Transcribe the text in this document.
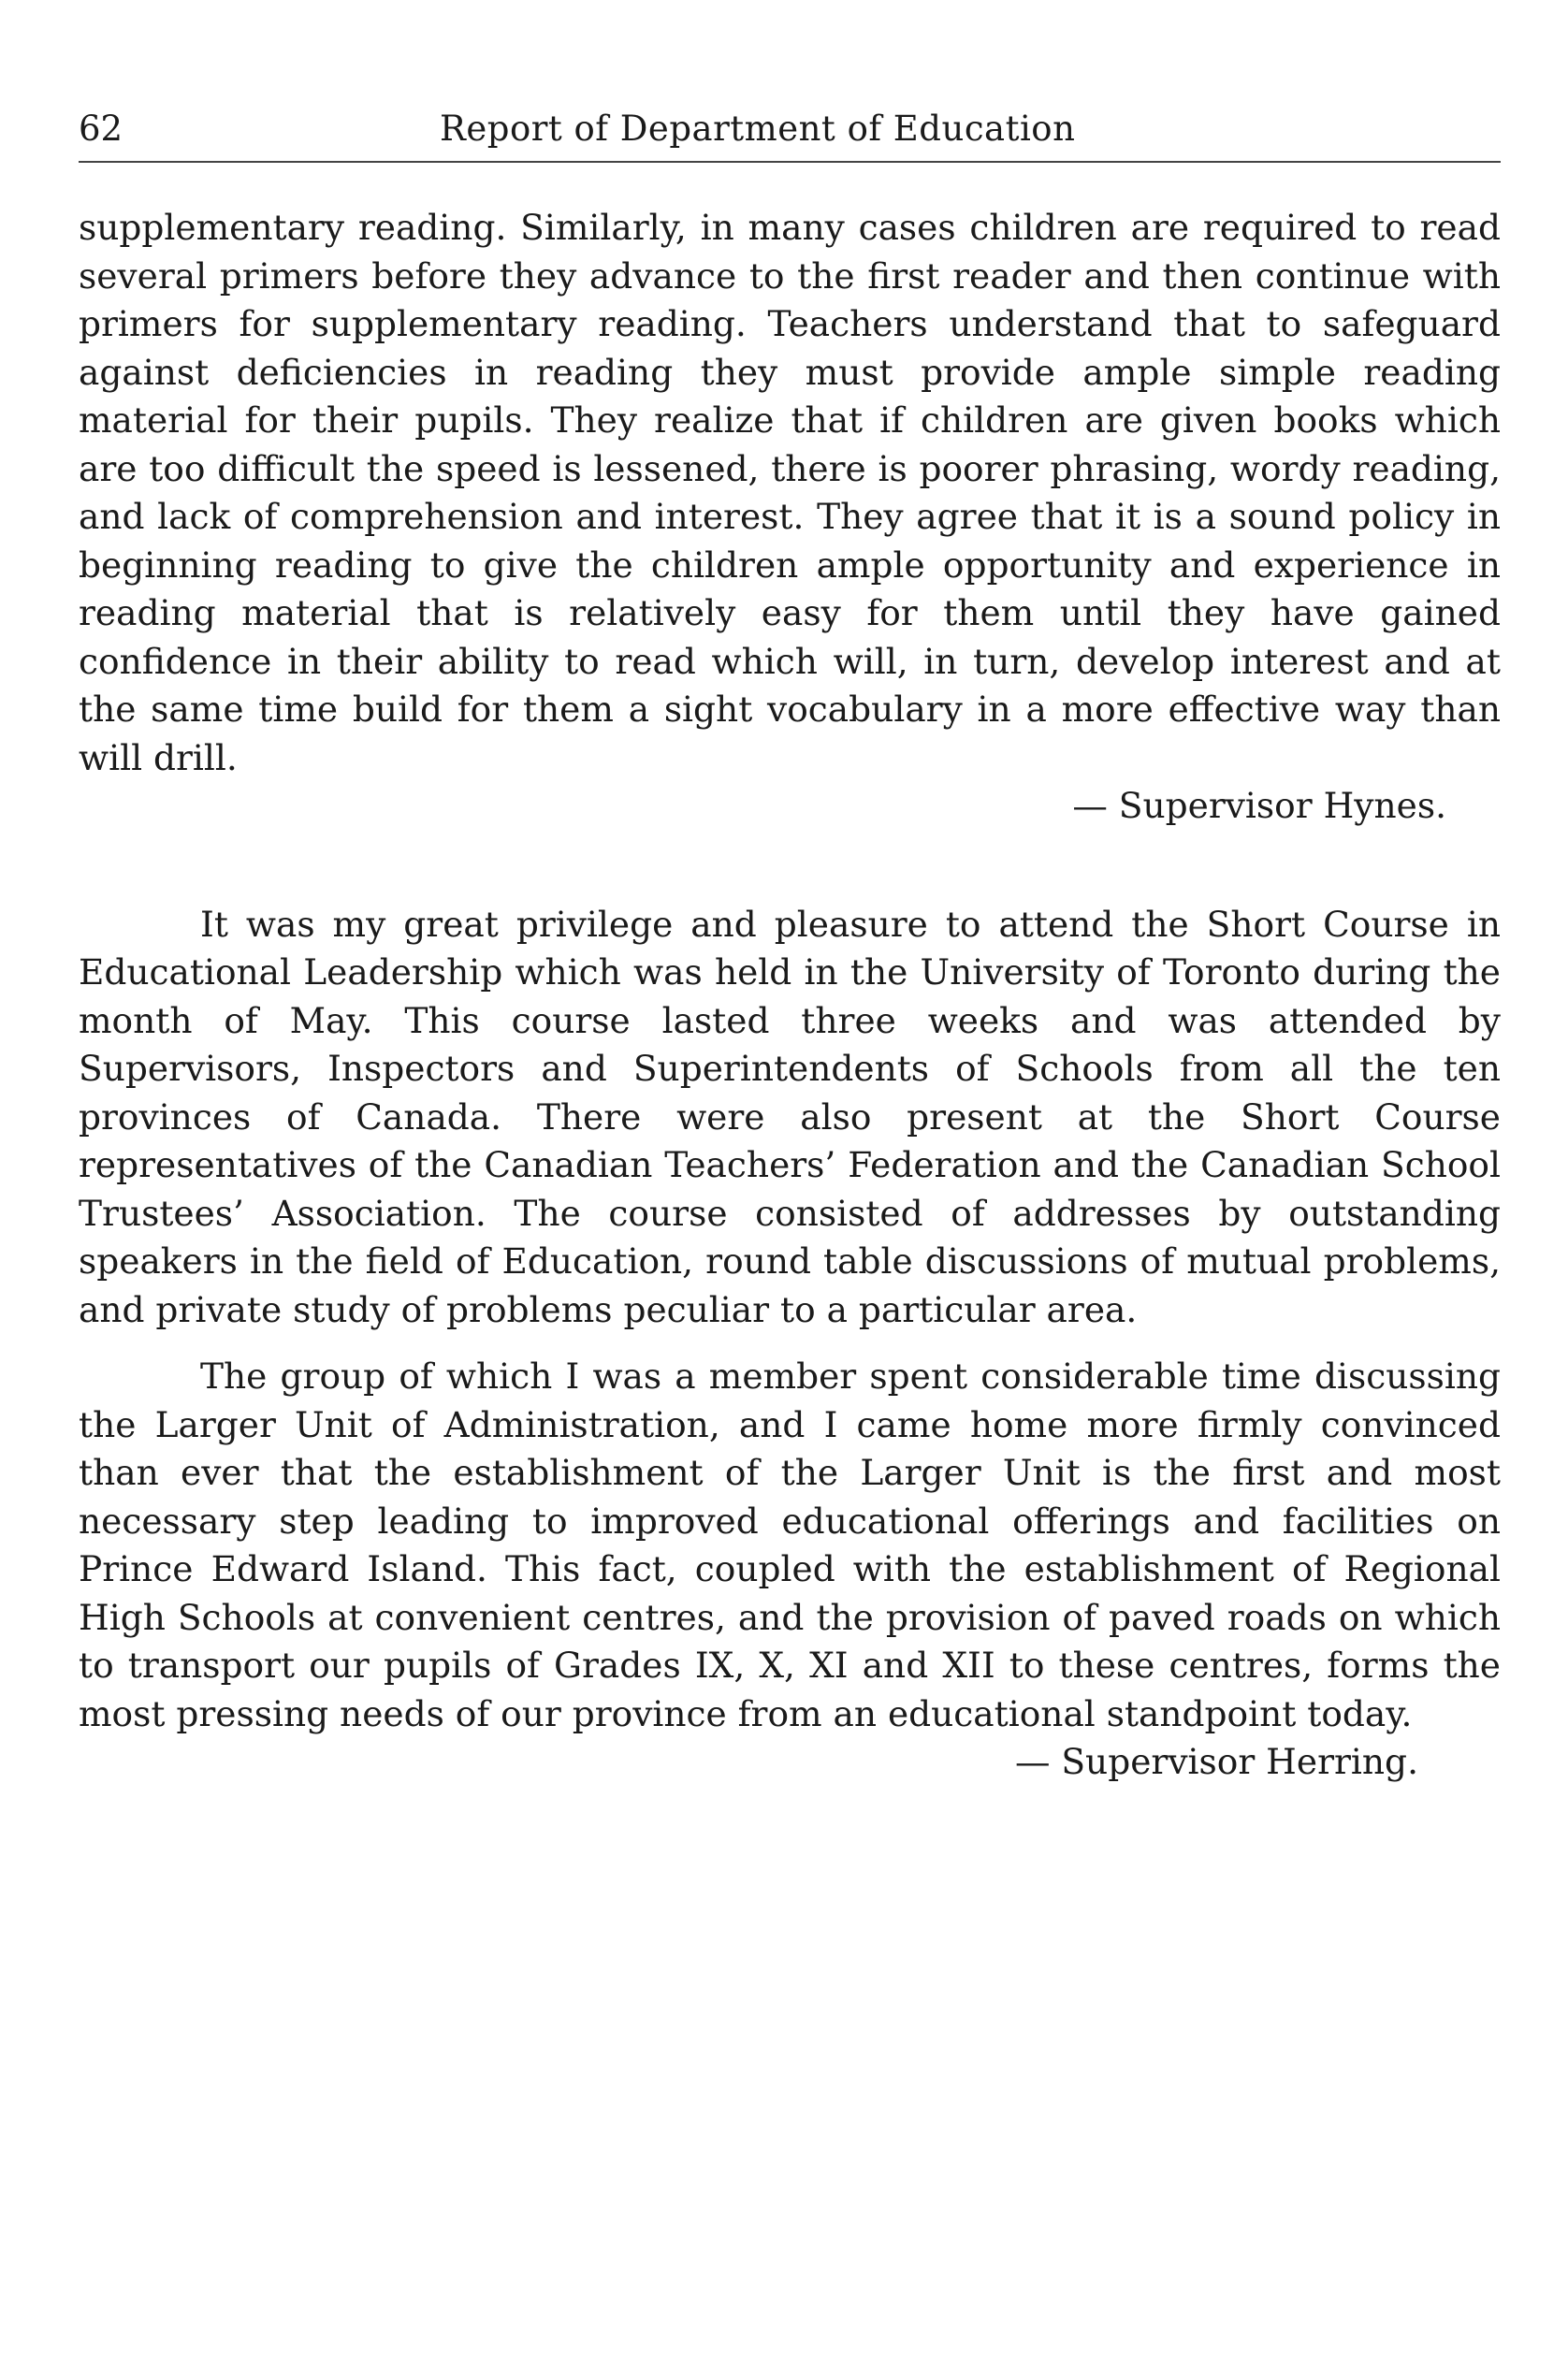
62	Report of Department of Education

supplementary reading. Similarly, in many cases children are required to read several primers before they advance to the first reader and then continue with primers for supplementary reading. Teachers understand that to safeguard against deficiencies in reading they must provide ample simple reading material for their pupils. They realize that if children are given books which are too difficult the speed is lessened, there is poorer phrasing, wordy reading, and lack of comprehension and interest. They agree that it is a sound policy in beginning reading to give the children ample opportunity and experience in reading material that is relatively easy for them until they have gained confidence in their ability to read which will, in turn, develop interest and at the same time build for them a sight vocabulary in a more effective way than will drill.

— Supervisor Hynes.

It was my great privilege and pleasure to attend the Short Course in Educational Leadership which was held in the University of Toronto during the month of May. This course lasted three weeks and was attended by Supervisors, Inspectors and Superintendents of Schools from all the ten provinces of Canada. There were also present at the Short Course representatives of the Canadian Teachers’ Federation and the Canadian School Trustees’ Association. The course consisted of addresses by outstanding speakers in the field of Education, round table discussions of mutual problems, and private study of problems peculiar to a particular area.

The group of which I was a member spent considerable time discussing the Larger Unit of Administration, and I came home more firmly convinced than ever that the establishment of the Larger Unit is the first and most necessary step leading to improved educational offerings and facilities on Prince Edward Island. This fact, coupled with the establishment of Regional High Schools at convenient centres, and the provision of paved roads on which to transport our pupils of Grades IX, X, XI and XII to these centres, forms the most pressing needs of our province from an educational standpoint today.

— Supervisor Herring.
